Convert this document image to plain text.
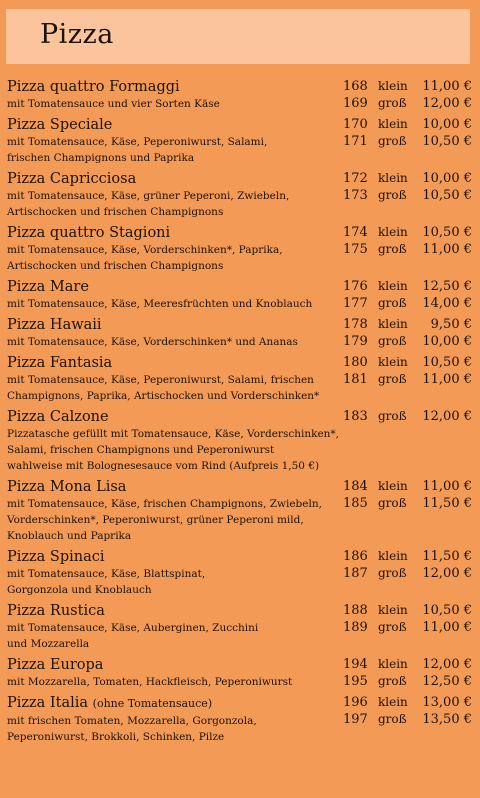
Pizza
Pizza quattro Formaggi
mit Tomatensauce und vier Sorten Käse
168 klein 11,00 €
169 groß 12,00 €
Pizza Speciale
mit Tomatensauce, Käse, Peperoniwurst, Salami,
frischen Champignons und Paprika
170 klein 10,00 €
171 groß 10,50 €
Pizza Capricciosa
mit Tomatensauce, Käse, grüner Peperoni, Zwiebeln,
Artischocken und frischen Champignons
172 klein 10,00 €
173 groß 10,50 €
Pizza quattro Stagioni
mit Tomatensauce, Käse, Vorderschinken*, Paprika,
Artischocken und frischen Champignons
174 klein 10,50 €
175 groß 11,00 €
Pizza Mare
mit Tomatensauce, Käse, Meeresfrüchten und Knoblauch
176 klein 12,50 €
177 groß 14,00 €
Pizza Hawaii
mit Tomatensauce, Käse, Vorderschinken* und Ananas
178 klein 9,50 €
179 groß 10,00 €
Pizza Fantasia
mit Tomatensauce, Käse, Peperoniwurst, Salami, frischen
Champignons, Paprika, Artischocken und Vorderschinken*
180 klein 10,50 €
181 groß 11,00 €
Pizza Calzone
Pizzatasche gefüllt mit Tomatensauce, Käse, Vorderschinken*,
Salami, frischen Champignons und Peperoniwurst
wahlweise mit Bolognesesauce vom Rind (Aufpreis 1,50 €)
183 groß 12,00 €
Pizza Mona Lisa
mit Tomatensauce, Käse, frischen Champignons, Zwiebeln,
Vorderschinken*, Peperoniwurst, grüner Peperoni mild,
Knoblauch und Paprika
184 klein 11,00 €
185 groß 11,50 €
Pizza Spinaci
mit Tomatensauce, Käse, Blattspinat,
Gorgonzola und Knoblauch
186 klein 11,50 €
187 groß 12,00 €
Pizza Rustica
mit Tomatensauce, Käse, Auberginen, Zucchini
und Mozzarella
188 klein 10,50 €
189 groß 11,00 €
Pizza Europa
mit Mozzarella, Tomaten, Hackfleisch, Peperoniwurst
194 klein 12,00 €
195 groß 12,50 €
Pizza Italia (ohne Tomatensauce)
mit frischen Tomaten, Mozzarella, Gorgonzola,
Peperoniwurst, Brokkoli, Schinken, Pilze
196 klein 13,00 €
197 groß 13,50 €
